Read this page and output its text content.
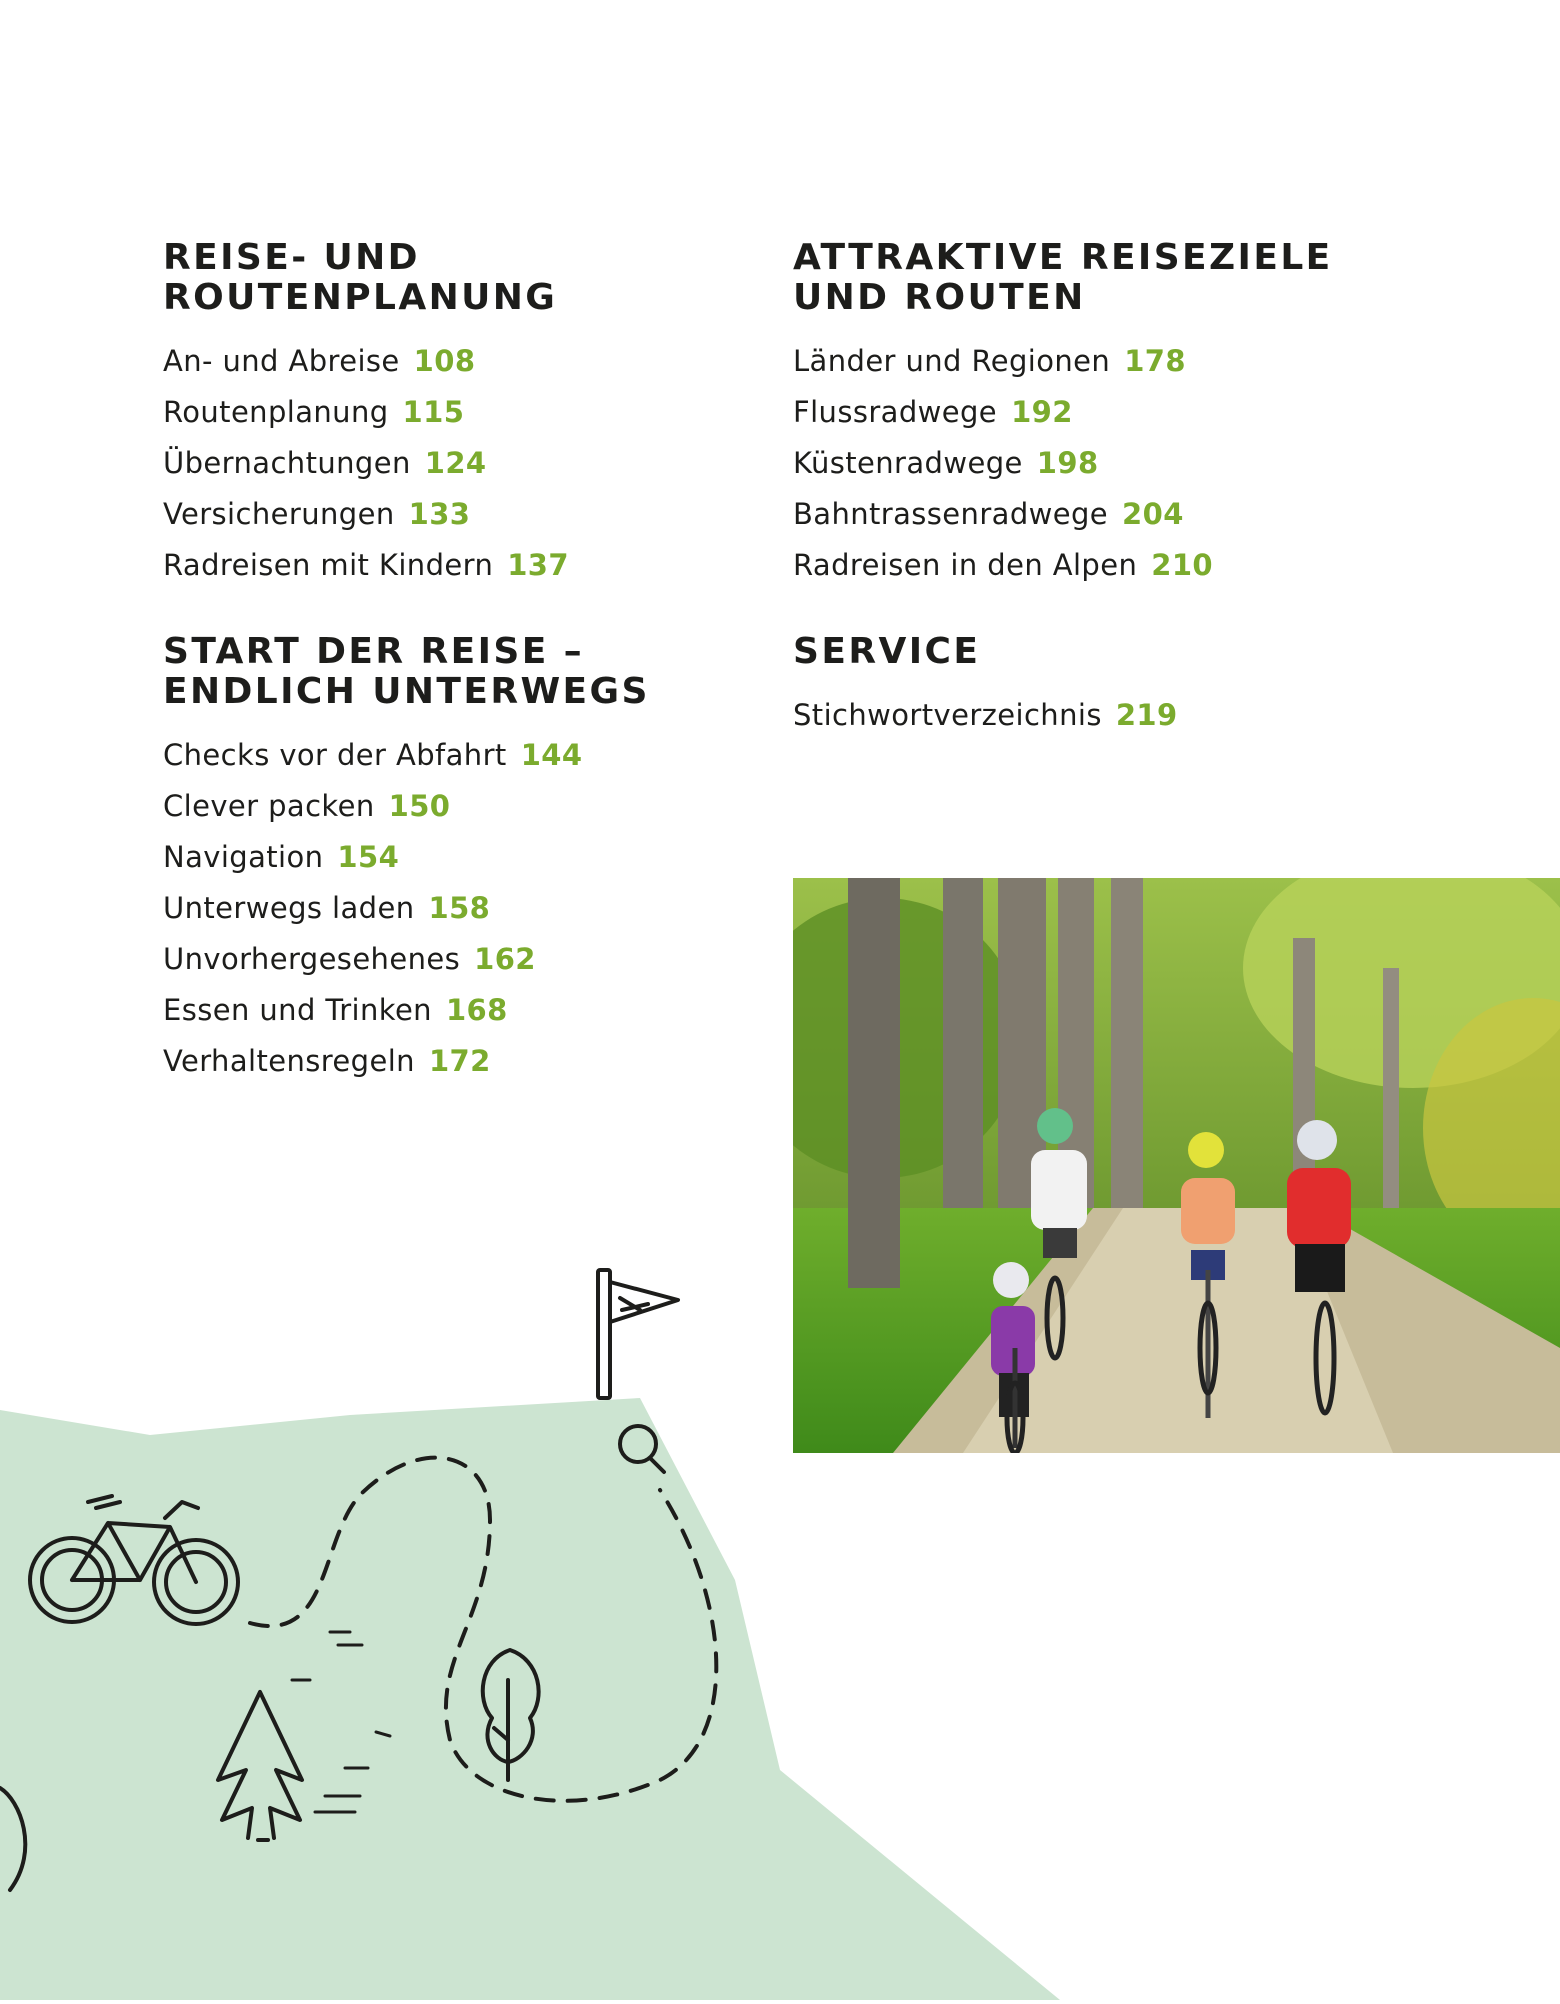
REISE- UND
ROUTENPLANUNG
An- und Abreise 108
Routenplanung 115
Übernachtungen 124
Versicherungen 133
Radreisen mit Kindern 137
ATTRAKTIVE REISEZIELE
UND ROUTEN
Länder und Regionen 178
Flussradwege 192
Küstenradwege 198
Bahntrassenradwege 204
Radreisen in den Alpen 210
START DER REISE –
ENDLICH UNTERWEGS
Checks vor der Abfahrt 144
Clever packen 150
Navigation 154
Unterwegs laden 158
Unvorhergesehenes 162
Essen und Trinken 168
Verhaltensregeln 172
SERVICE
Stichwortverzeichnis 219
